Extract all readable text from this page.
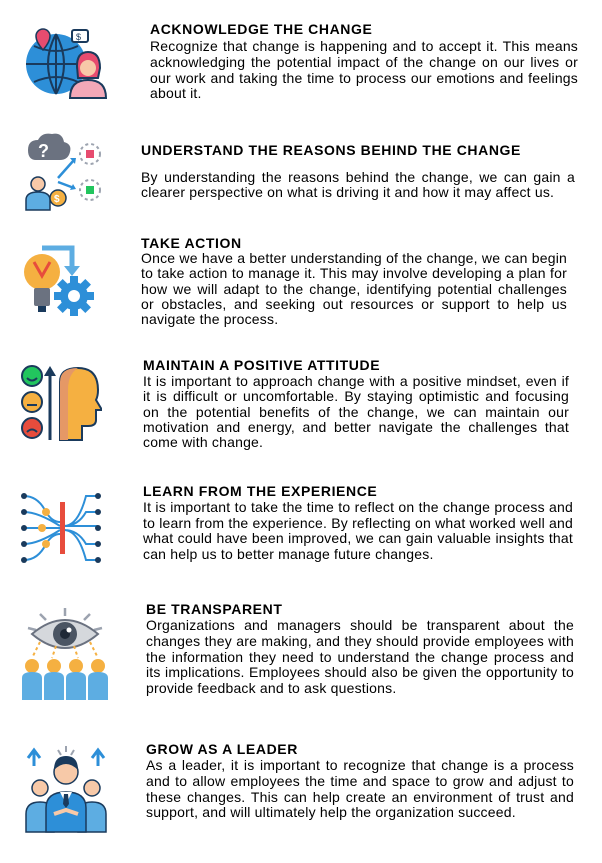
$	ACKNOWLEDGE THE CHANGE
Recognize that change is happening and to accept it. This means acknowledging the potential impact of the change on our lives or our work and taking the time to process our emotions and feelings about it.
?
$
UNDERSTAND THE REASONS BEHIND THE CHANGE
By understanding the reasons behind the change, we can gain a clearer perspective on what is driving it and how it may affect us.
TAKE ACTION
Once we have a better understanding of the change, we can begin to take action to manage it. This may involve developing a plan for how we will adapt to the change, identifying potential challenges or obstacles, and seeking out resources or support to help us navigate the process.
MAINTAIN A POSITIVE ATTITUDE
It is important to approach change with a positive mindset, even if it is difficult or uncomfortable. By staying optimistic and focusing on the potential benefits of the change, we can maintain our motivation and energy, and better navigate the challenges that come with change.
LEARN FROM THE EXPERIENCE
It is important to take the time to reflect on the change process and to learn from the experience. By reflecting on what worked well and what could have been improved, we can gain valuable insights that can help us to better manage future changes.
BE TRANSPARENT
Organizations and managers should be transparent about the changes they are making, and they should provide employees with the information they need to understand the change process and its implications. Employees should also be given the opportunity to provide feedback and to ask questions.
GROW AS A LEADER
As a leader, it is important to recognize that change is a process and to allow employees the time and space to grow and adjust to these changes. This can help create an environment of trust and support, and will ultimately help the organization succeed.
